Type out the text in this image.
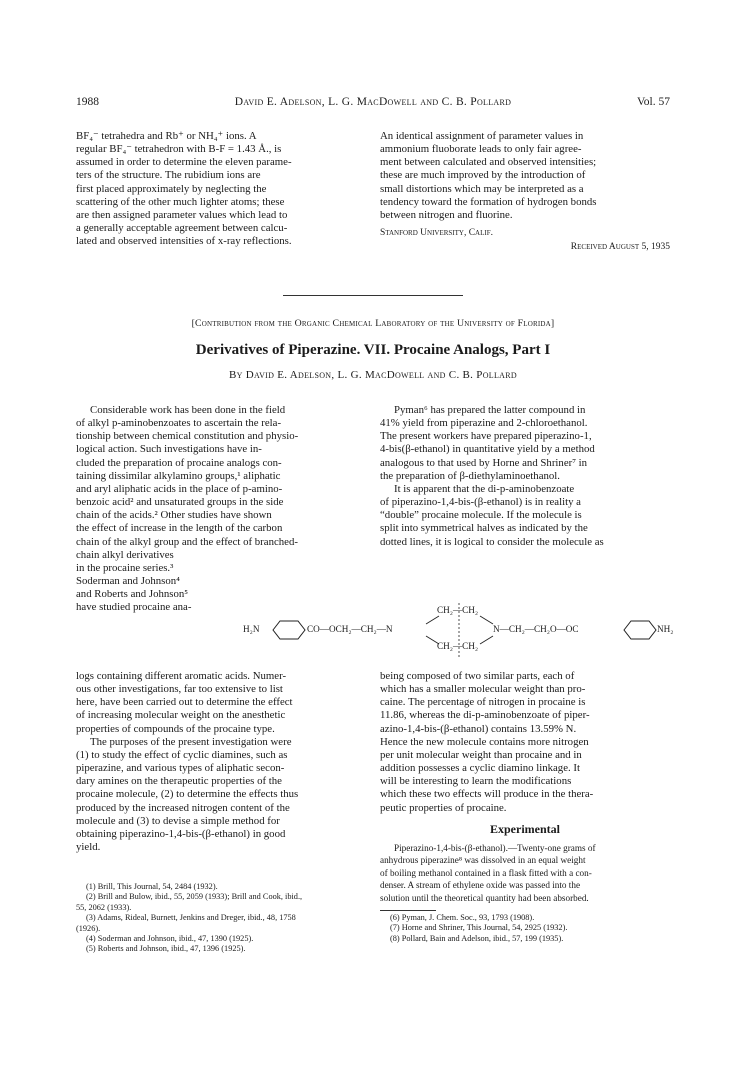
1988	David E. Adelson, L. G. MacDowell and C. B. Pollard	Vol. 57

BF₄⁻ tetrahedra and Rb⁺ or NH₄⁺ ions. A

regular BF₄⁻ tetrahedron with B-F = 1.43 Å., is

assumed in order to determine the eleven parame-

ters of the structure. The rubidium ions are

first placed approximately by neglecting the

scattering of the other much lighter atoms; these

are then assigned parameter values which lead to

a generally acceptable agreement between calcu-

lated and observed intensities of x-ray reflections.

An identical assignment of parameter values in

ammonium fluoborate leads to only fair agree-

ment between calculated and observed intensities;

these are much improved by the introduction of

small distortions which may be interpreted as a

tendency toward the formation of hydrogen bonds

between nitrogen and fluorine.

Stanford University, Calif.
Received August 5, 1935
[Contribution from the Organic Chemical Laboratory of the University of Florida]
Derivatives of Piperazine. VII. Procaine Analogs, Part I
By David E. Adelson, L. G. MacDowell and C. B. Pollard

Considerable work has been done in the field

of alkyl p-aminobenzoates to ascertain the rela-

tionship between chemical constitution and physio-

logical action. Such investigations have in-

cluded the preparation of procaine analogs con-

taining dissimilar alkylamino groups,¹ aliphatic

and aryl aliphatic acids in the place of p-amino-

benzoic acid² and unsaturated groups in the side

chain of the acids.² Other studies have shown

the effect of increase in the length of the carbon

chain of the alkyl group and the effect of branched-

chain alkyl derivatives

in the procaine series.³

Soderman and Johnson⁴

and Roberts and Johnson⁵

have studied procaine ana-

Pyman⁶ has prepared the latter compound in

41% yield from piperazine and 2-chloroethanol.

The present workers have prepared piperazino-1,

4-bis(β-ethanol) in quantitative yield by a method

analogous to that used by Horne and Shriner⁷ in

the preparation of β-diethylaminoethanol.

It is apparent that the di-p-aminobenzoate

of piperazino-1,4-bis-(β-ethanol) is in reality a

“double” procaine molecule. If the molecule is

split into symmetrical halves as indicated by the

dotted lines, it is logical to consider the molecule as

H₂N	CO—OCH₂—CH₂—N
CH₂—CH₂
CH₂—CH₂
N—CH₂—CH₂O—OC	NH₂

logs containing different aromatic acids. Numer-

ous other investigations, far too extensive to list

here, have been carried out to determine the effect

of increasing molecular weight on the anesthetic

properties of compounds of the procaine type.

The purposes of the present investigation were

(1) to study the effect of cyclic diamines, such as

piperazine, and various types of aliphatic secon-

dary amines on the therapeutic properties of the

procaine molecule, (2) to determine the effects thus

produced by the increased nitrogen content of the

molecule and (3) to devise a simple method for

obtaining piperazino-1,4-bis-(β-ethanol) in good

yield.

being composed of two similar parts, each of

which has a smaller molecular weight than pro-

caine. The percentage of nitrogen in procaine is

11.86, whereas the di-p-aminobenzoate of piper-

azino-1,4-bis-(β-ethanol) contains 13.59% N.

Hence the new molecule contains more nitrogen

per unit molecular weight than procaine and in

addition possesses a cyclic diamino linkage. It

will be interesting to learn the modifications

which these two effects will produce in the thera-

peutic properties of procaine.

Experimental

Piperazino-1,4-bis-(β-ethanol).—Twenty-one grams of

anhydrous piperazine⁸ was dissolved in an equal weight

of boiling methanol contained in a flask fitted with a con-

denser. A stream of ethylene oxide was passed into the

solution until the theoretical quantity had been absorbed.

(1) Brill, This Journal, 54, 2484 (1932).

(2) Brill and Bulow, ibid., 55, 2059 (1933); Brill and Cook, ibid.,

55, 2062 (1933).

(3) Adams, Rideal, Burnett, Jenkins and Dreger, ibid., 48, 1758

(1926).

(4) Soderman and Johnson, ibid., 47, 1390 (1925).

(5) Roberts and Johnson, ibid., 47, 1396 (1925).

(6) Pyman, J. Chem. Soc., 93, 1793 (1908).

(7) Horne and Shriner, This Journal, 54, 2925 (1932).

(8) Pollard, Bain and Adelson, ibid., 57, 199 (1935).
